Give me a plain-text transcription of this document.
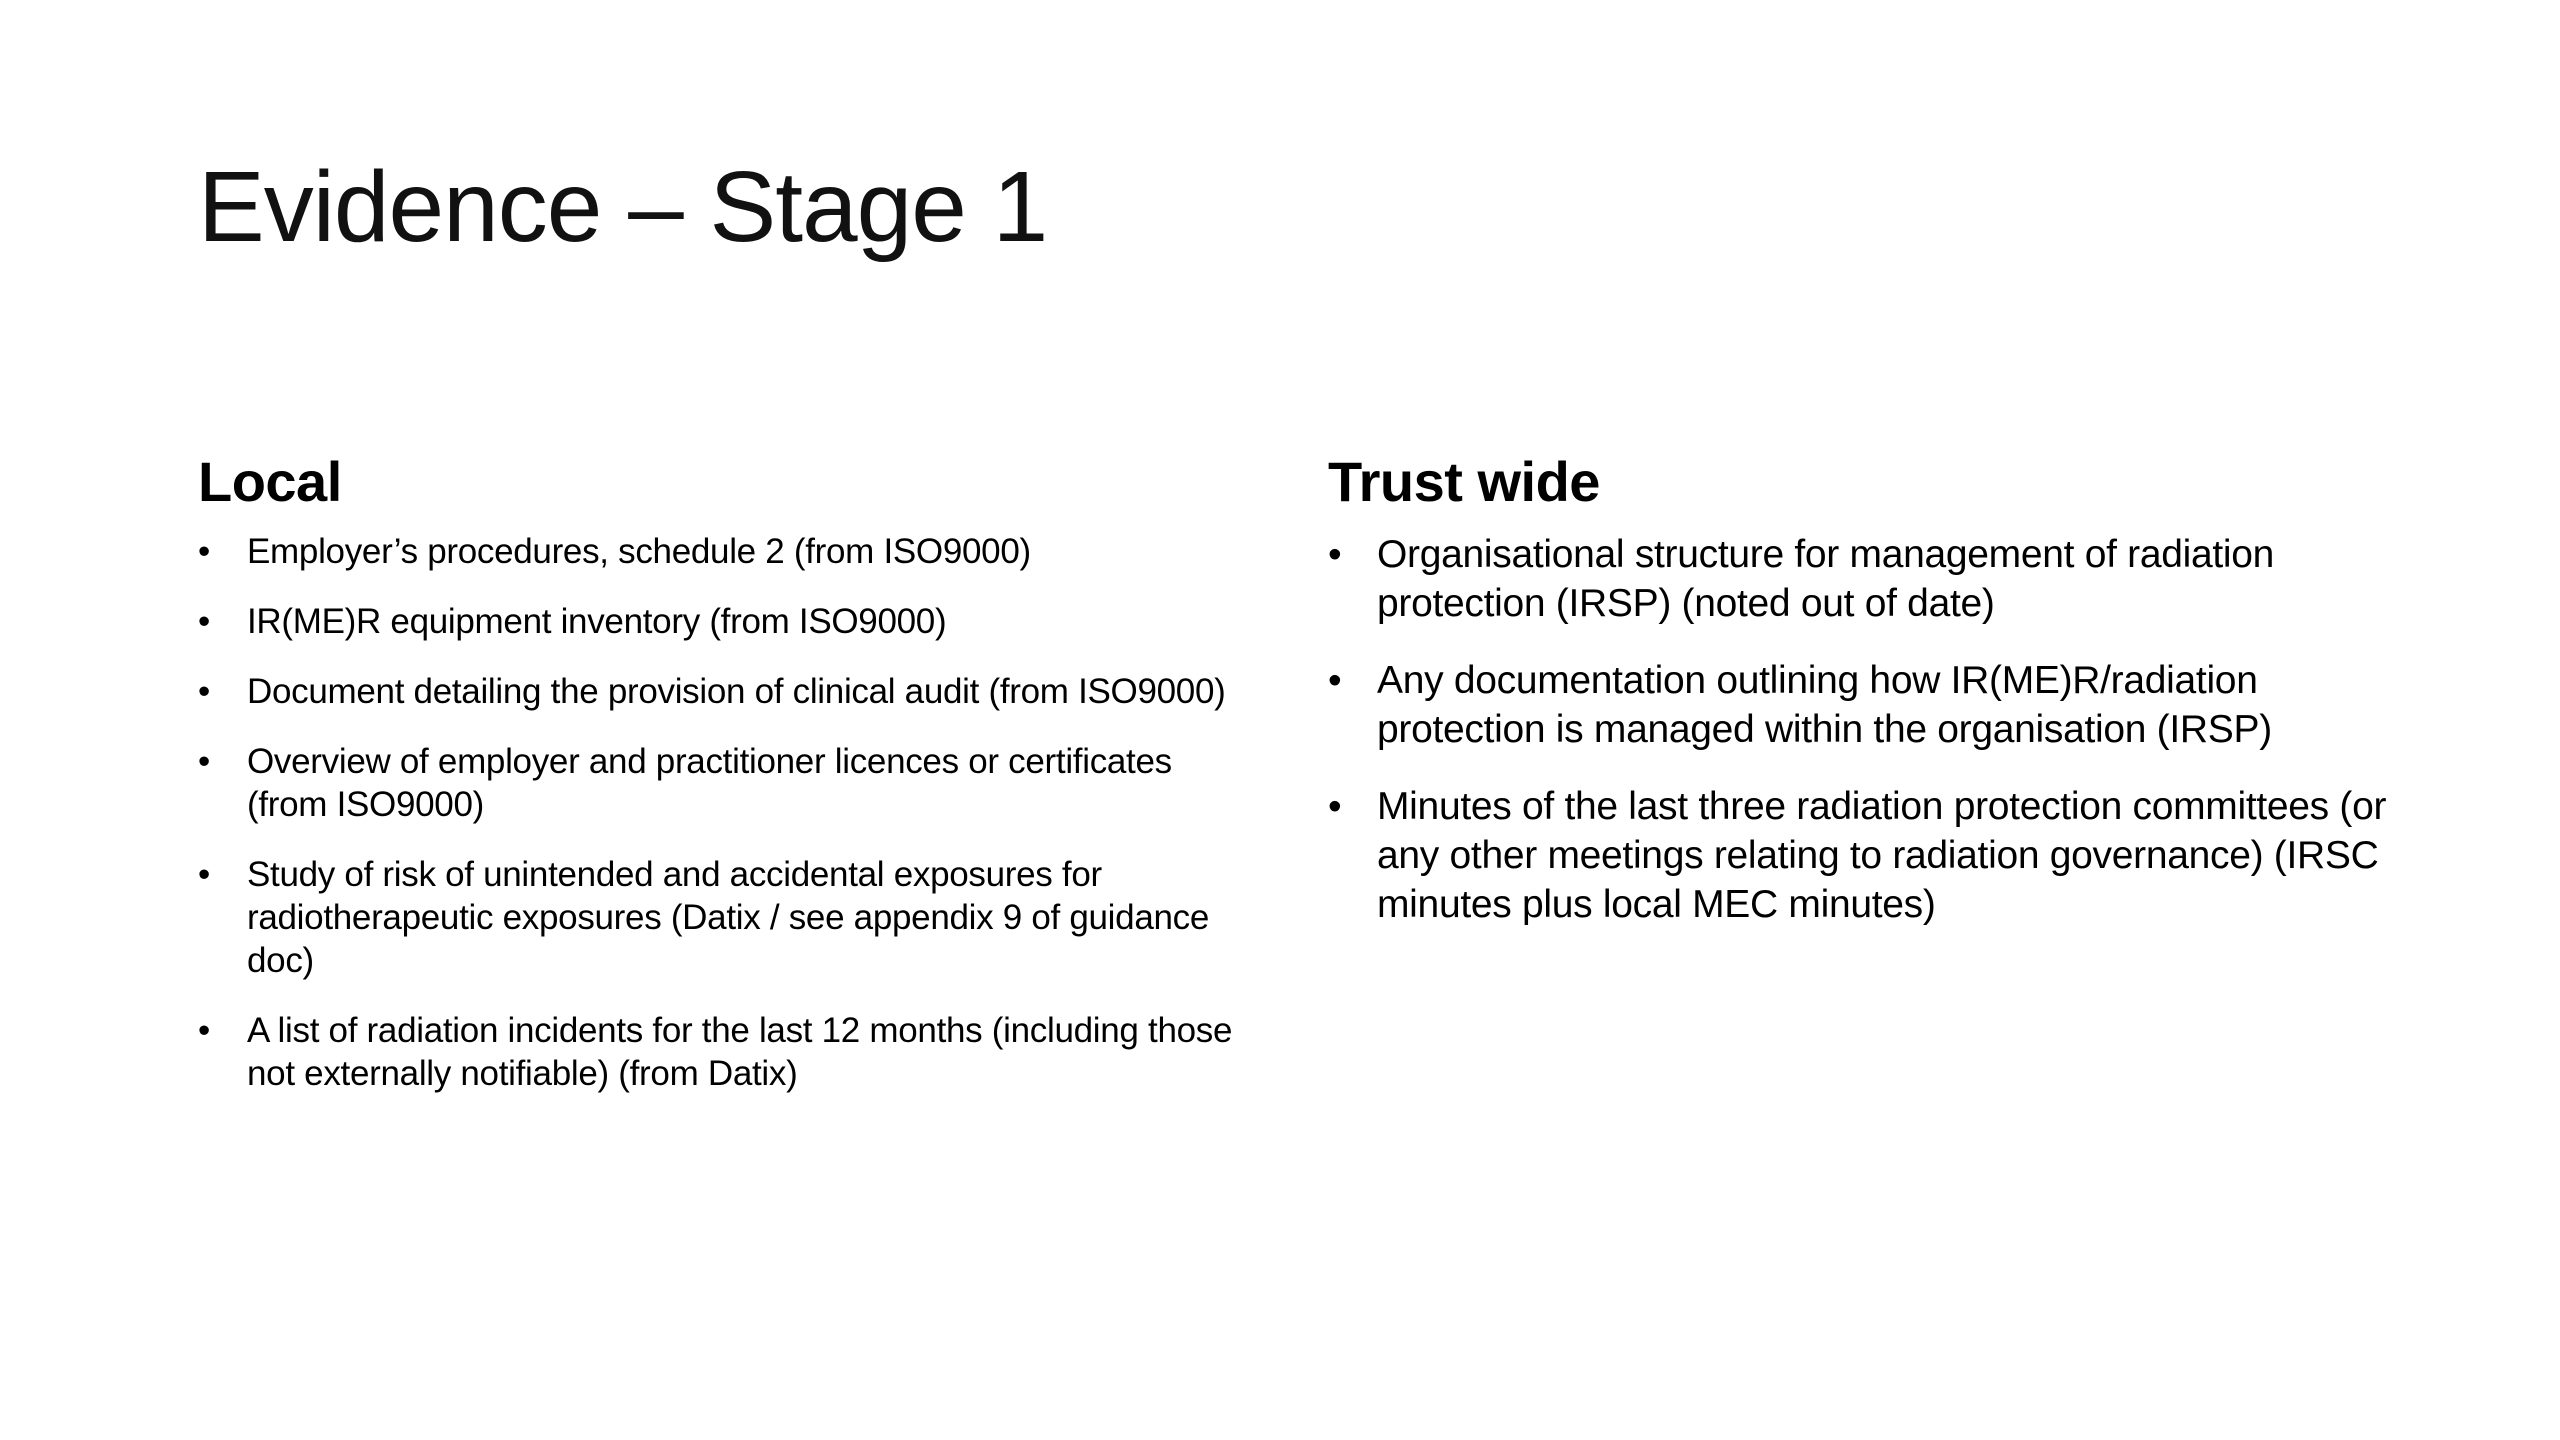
Evidence – Stage 1
Local
• Employer’s procedures, schedule 2 (from ISO9000)
• IR(ME)R equipment inventory (from ISO9000)
• Document detailing the provision of clinical audit (from ISO9000)
• Overview of employer and practitioner licences or certificates (from ISO9000)
• Study of risk of unintended and accidental exposures for radiotherapeutic exposures (Datix / see appendix 9 of guidance doc)
• A list of radiation incidents for the last 12 months (including those not externally notifiable) (from Datix)
Trust wide
• Organisational structure for management of radiation protection (IRSP) (noted out of date)
• Any documentation outlining how IR(ME)R/radiation protection is managed within the organisation (IRSP)
• Minutes of the last three radiation protection committees (or any other meetings relating to radiation governance) (IRSC minutes plus local MEC minutes)
